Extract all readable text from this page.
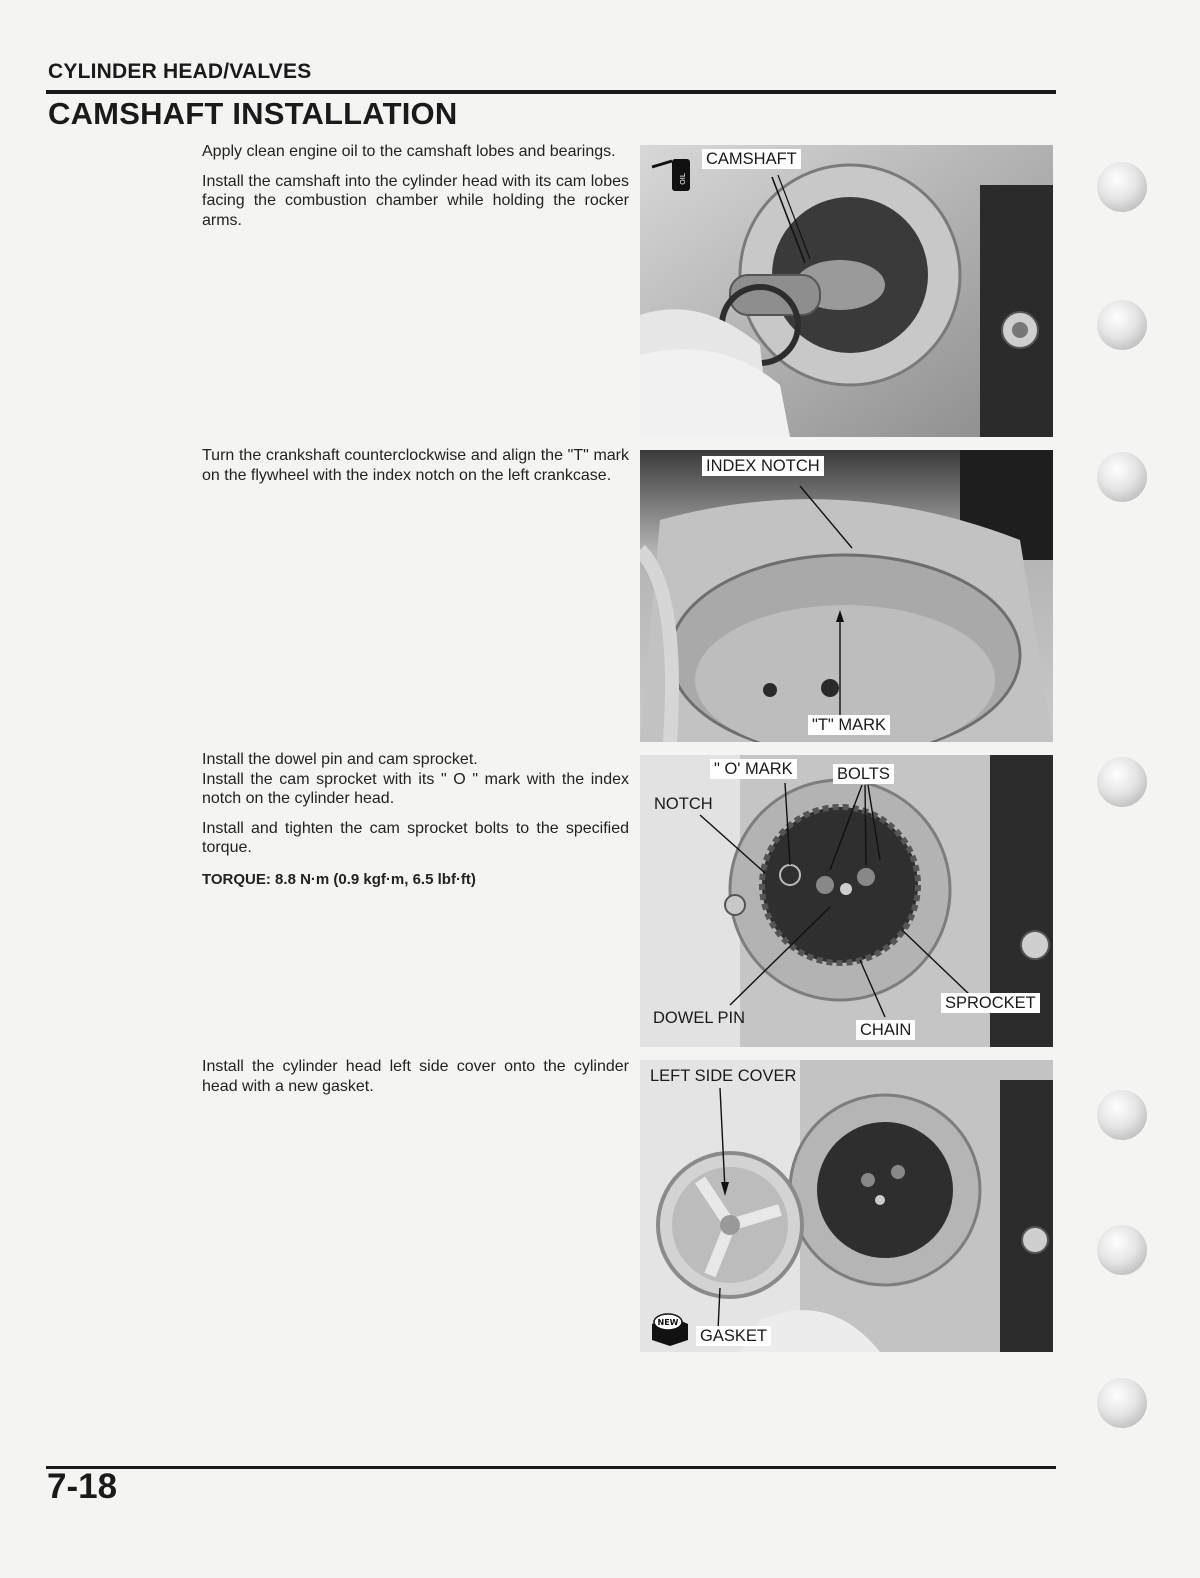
CYLINDER HEAD/VALVES
CAMSHAFT INSTALLATION

Apply clean engine oil to the camshaft lobes and bearings.

Install the camshaft into the cylinder head with its cam lobes facing the combustion chamber while holding the rocker arms.

Turn the crankshaft counterclockwise and align the "T" mark on the flywheel with the index notch on the left crankcase.

Install the dowel pin and cam sprocket.

Install the cam sprocket with its " O " mark with the index notch on the cylinder head.

Install and tighten the cam sprocket bolts to the specified torque.

TORQUE: 8.8 N·m (0.9 kgf·m, 6.5 lbf·ft)

Install the cylinder head left side cover onto the cylinder head with a new gasket.

OIL
CAMSHAFT
INDEX NOTCH
"T" MARK
" O' MARK	BOLTS
NOTCH
DOWEL PIN
SPROCKET
CHAIN
LEFT SIDE COVER
NEW
GASKET
7-18
